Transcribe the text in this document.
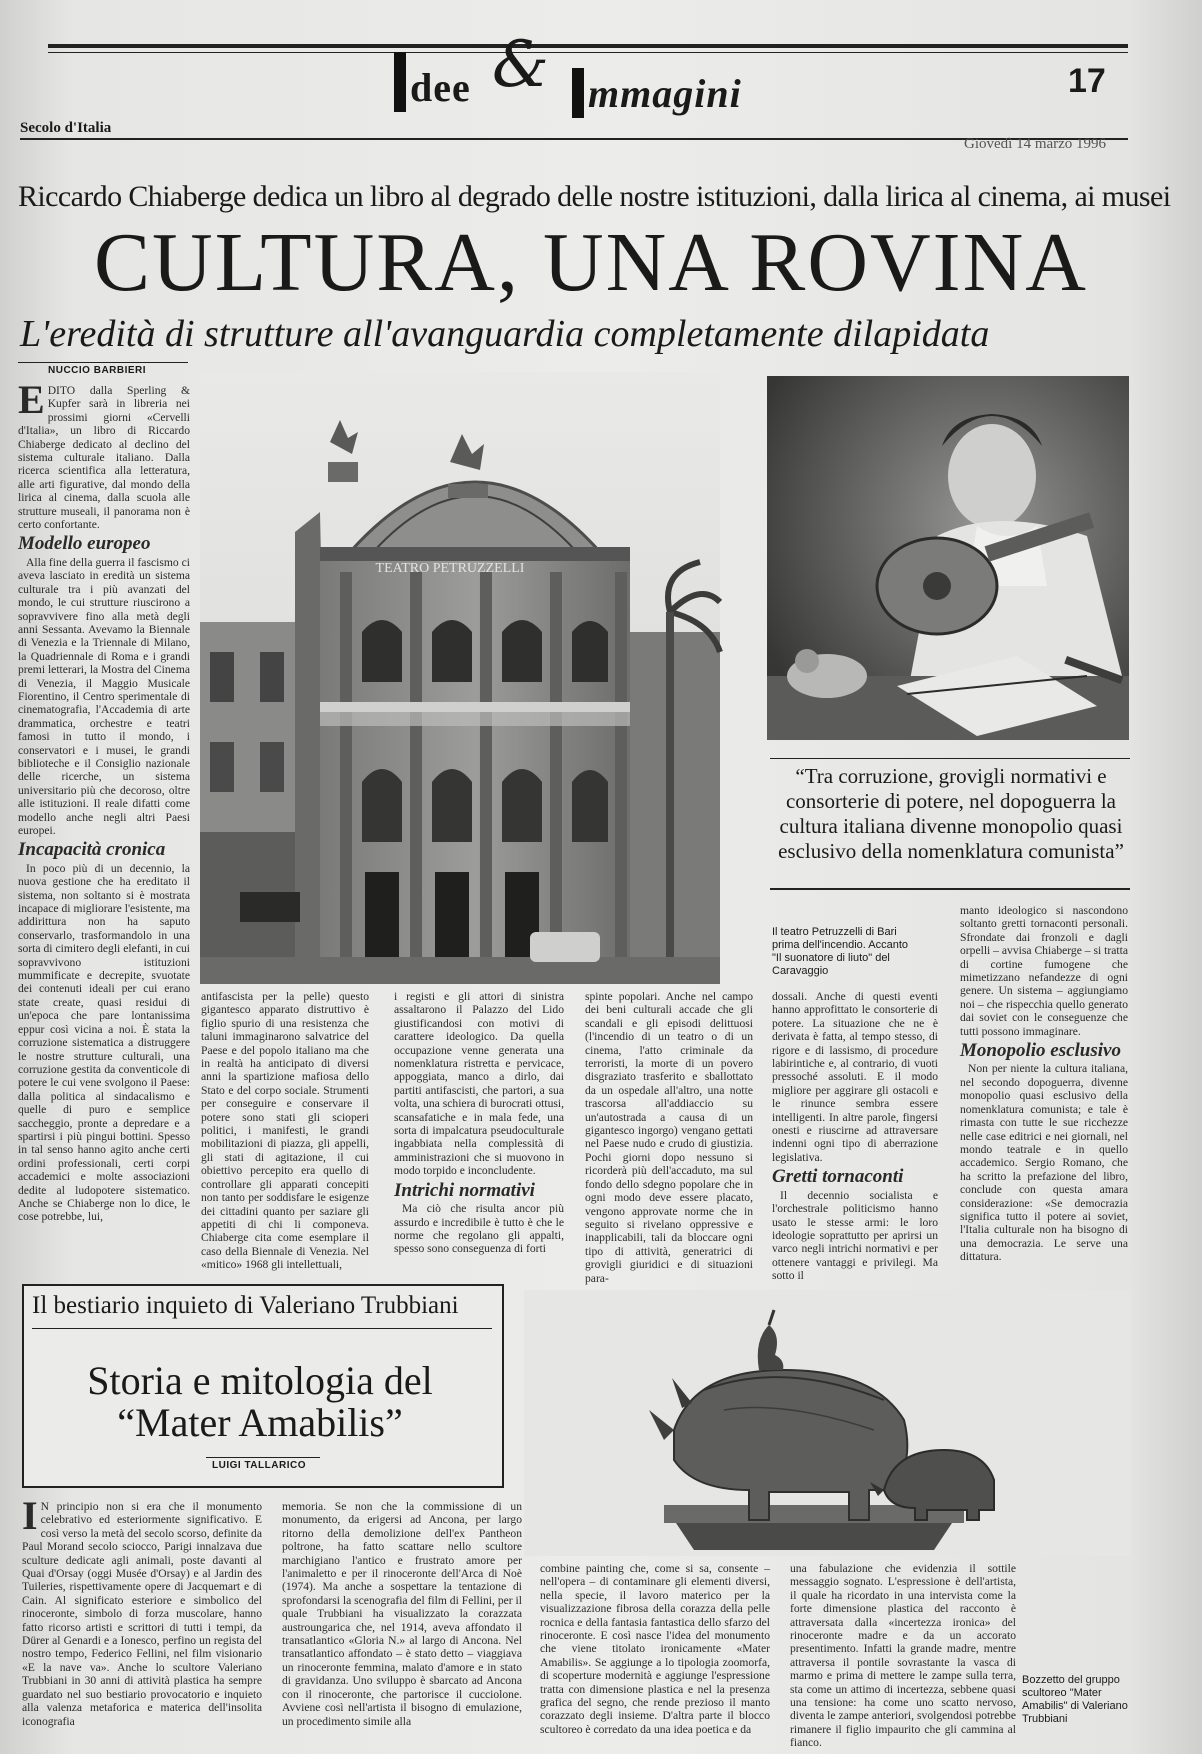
dee & mmagini	17
Secolo d'Italia
Giovedì 14 marzo 1996
Riccardo Chiaberge dedica un libro al degrado delle nostre istituzioni, dalla lirica al cinema, ai musei
CULTURA, UNA ROVINA
L'eredità di strutture all'avanguardia completamente dilapidata
NUCCIO BARBIERI

EDITO dalla Sperling & Kupfer sarà in libreria nei prossimi giorni «Cervelli d'Italia», un libro di Riccardo Chiaberge dedicato al declino del sistema culturale italiano. Dalla ricerca scientifica alla letteratura, alle arti figurative, dal mondo della lirica al cinema, dalla scuola alle strutture museali, il panorama non è certo confortante.

Modello europeo

Alla fine della guerra il fascismo ci aveva lasciato in eredità un sistema culturale tra i più avanzati del mondo, le cui strutture riuscirono a sopravvivere fino alla metà degli anni Sessanta. Avevamo la Biennale di Venezia e la Triennale di Milano, la Quadriennale di Roma e i grandi premi letterari, la Mostra del Cinema di Venezia, il Maggio Musicale Fiorentino, il Centro sperimentale di cinematografia, l'Accademia di arte drammatica, orchestre e teatri famosi in tutto il mondo, i conservatori e i musei, le grandi biblioteche e il Consiglio nazionale delle ricerche, un sistema universitario più che decoroso, oltre alle istituzioni. Il reale difatti come modello anche negli altri Paesi europei.

Incapacità cronica

In poco più di un decennio, la nuova gestione che ha ereditato il sistema, non soltanto si è mostrata incapace di migliorare l'esistente, ma addirittura non ha saputo conservarlo, trasformandolo in una sorta di cimitero degli elefanti, in cui sopravvivono istituzioni mummificate e decrepite, svuotate dei contenuti ideali per cui erano state create, quasi residui di un'epoca che pare lontanissima eppur così vicina a noi. È stata la corruzione sistematica a distruggere le nostre strutture culturali, una corruzione gestita da conventicole di potere le cui vene svolgono il Paese: dalla politica al sindacalismo e quelle di puro e semplice saccheggio, pronte a depredare e a spartirsi i più pingui bottini. Spesso in tal senso hanno agito anche certi ordini professionali, certi corpi accademici e molte associazioni dedite al ludopotere sistematico. Anche se Chiaberge non lo dice, le cose potrebbe, lui,

TEATRO PETRUZZELLI
“Tra corruzione, grovigli normativi e consorterie di potere, nel dopoguerra la cultura italiana divenne monopolio quasi esclusivo della nomenklatura comunista”
Il teatro Petruzzelli di Bari prima dell'incendio. Accanto "Il suonatore di liuto" del Caravaggio

antifascista per la pelle) questo gigantesco apparato distruttivo è figlio spurio di una resistenza che taluni immaginarono salvatrice del Paese e del popolo italiano ma che in realtà ha anticipato di diversi anni la spartizione mafiosa dello Stato e del corpo sociale. Strumenti per conseguire e conservare il potere sono stati gli scioperi politici, i manifesti, le grandi mobilitazioni di piazza, gli appelli, gli stati di agitazione, il cui obiettivo percepito era quello di controllare gli apparati concepiti non tanto per soddisfare le esigenze dei cittadini quanto per saziare gli appetiti di chi li componeva. Chiaberge cita come esemplare il caso della Biennale di Venezia. Nel «mitico» 1968 gli intellettuali,

i registi e gli attori di sinistra assaltarono il Palazzo del Lido giustificandosi con motivi di carattere ideologico. Da quella occupazione venne generata una nomenklatura ristretta e pervicace, appoggiata, manco a dirlo, dai partiti antifascisti, che partori, a sua volta, una schiera di burocrati ottusi, scansafatiche e in mala fede, una sorta di impalcatura pseudoculturale ingabbiata nella complessità di amministrazioni che si muovono in modo torpido e inconcludente.

Intrichi normativi

Ma ciò che risulta ancor più assurdo e incredibile è tutto è che le norme che regolano gli appalti, spesso sono conseguenza di forti

spinte popolari. Anche nel campo dei beni culturali accade che gli scandali e gli episodi delittuosi (l'incendio di un teatro o di un cinema, l'atto criminale da terroristi, la morte di un povero disgraziato trasferito e sballottato da un ospedale all'altro, una notte trascorsa all'addiaccio su un'autostrada a causa di un gigantesco ingorgo) vengano gettati nel Paese nudo e crudo di giustizia. Pochi giorni dopo nessuno si ricorderà più dell'accaduto, ma sul fondo dello sdegno popolare che in ogni modo deve essere placato, vengono approvate norme che in seguito si rivelano oppressive e inapplicabili, tali da bloccare ogni tipo di attività, generatrici di grovigli giuridici e di situazioni para-

dossali. Anche di questi eventi hanno approfittato le consorterie di potere. La situazione che ne è derivata è fatta, al tempo stesso, di rigore e di lassismo, di procedure labirintiche e, al contrario, di vuoti pressoché assoluti. E il modo migliore per aggirare gli ostacoli e le rinunce sembra essere intelligenti. In altre parole, fingersi onesti e riuscirne ad attraversare indenni ogni tipo di aberrazione legislativa.

Gretti tornaconti

Il decennio socialista e l'orchestrale politicismo hanno usato le stesse armi: le loro ideologie soprattutto per aprirsi un varco negli intrichi normativi e per ottenere vantaggi e privilegi. Ma sotto il

manto ideologico si nascondono soltanto gretti tornaconti personali. Sfrondate dai fronzoli e dagli orpelli – avvisa Chiaberge – si tratta di cortine fumogene che mimetizzano nefandezze di ogni genere. Un sistema – aggiungiamo noi – che rispecchia quello generato dai soviet con le conseguenze che tutti possono immaginare.

Monopolio esclusivo

Non per niente la cultura italiana, nel secondo dopoguerra, divenne monopolio quasi esclusivo della nomenklatura comunista; e tale è rimasta con tutte le sue ricchezze nelle case editrici e nei giornali, nel mondo teatrale e in quello accademico. Sergio Romano, che ha scritto la prefazione del libro, conclude con questa amara considerazione: «Se democrazia significa tutto il potere ai soviet, l'Italia culturale non ha bisogno di una democrazia. Le serve una dittatura.

Il bestiario inquieto di Valeriano Trubbiani
Storia e mitologia del “Mater Amabilis”
LUIGI TALLARICO

I N principio non si era che il monumento celebrativo ed esteriormente significativo. E così verso la metà del secolo scorso, definite da Paul Morand secolo sciocco, Parigi innalzava due sculture dedicate agli animali, poste davanti al Quai d'Orsay (oggi Musée d'Orsay) e al Jardin des Tuileries, rispettivamente opere di Jacquemart e di Cain. Al significato esteriore e simbolico del rinoceronte, simbolo di forza muscolare, hanno fatto ricorso artisti e scrittori di tutti i tempi, da Dürer al Genardi e a Ionesco, perfino un regista del nostro tempo, Federico Fellini, nel film visionario «E la nave va». Anche lo scultore Valeriano Trubbiani in 30 anni di attività plastica ha sempre guardato nel suo bestiario provocatorio e inquieto alla valenza metaforica e materica dell'insolita iconografia

memoria. Se non che la commissione di un monumento, da erigersi ad Ancona, per largo ritorno della demolizione dell'ex Pantheon poltrone, ha fatto scattare nello scultore marchigiano l'antico e frustrato amore per l'animaletto e per il rinoceronte dell'Arca di Noè (1974). Ma anche a sospettare la tentazione di sprofondarsi la scenografia del film di Fellini, per il quale Trubbiani ha visualizzato la corazzata austroungarica che, nel 1914, aveva affondato il transatlantico «Gloria N.» al largo di Ancona. Nel transatlantico affondato – è stato detto – viaggiava un rinoceronte femmina, malato d'amore e in stato di gravidanza. Uno sviluppo è sbarcato ad Ancona con il rinoceronte, che partorisce il cucciolone. Avviene così nell'artista il bisogno di emulazione, un procedimento simile alla

combine painting che, come si sa, consente – nell'opera – di contaminare gli elementi diversi, nella specie, il lavoro materico per la visualizzazione fibrosa della corazza della pelle rocnica e della fantasia fantastica dello sfarzo del rinoceronte. E così nasce l'idea del monumento che viene titolato ironicamente «Mater Amabilis». Se aggiunge a lo tipologia zoomorfa, di scoperture modernità e aggiunge l'espressione tratta con dimensione plastica e nel la presenza grafica del segno, che rende prezioso il manto corazzato degli insieme. D'altra parte il blocco scultoreo è corredato da una idea poetica e da

una fabulazione che evidenzia il sottile messaggio sognato. L'espressione è dell'artista, il quale ha ricordato in una intervista come la forte dimensione plastica del racconto è attraversata dalla «incertezza ironica» del rinoceronte madre e da un accorato presentimento. Infatti la grande madre, mentre attraversa il pontile sovrastante la vasca di marmo e prima di mettere le zampe sulla terra, sta come un attimo di incertezza, sebbene quasi una tensione: ha come uno scatto nervoso, diventa le zampe anteriori, svolgendosi potrebbe rimanere il figlio impaurito che gli cammina al fianco.

Bozzetto del gruppo scultoreo "Mater Amabilis" di Valeriano Trubbiani
